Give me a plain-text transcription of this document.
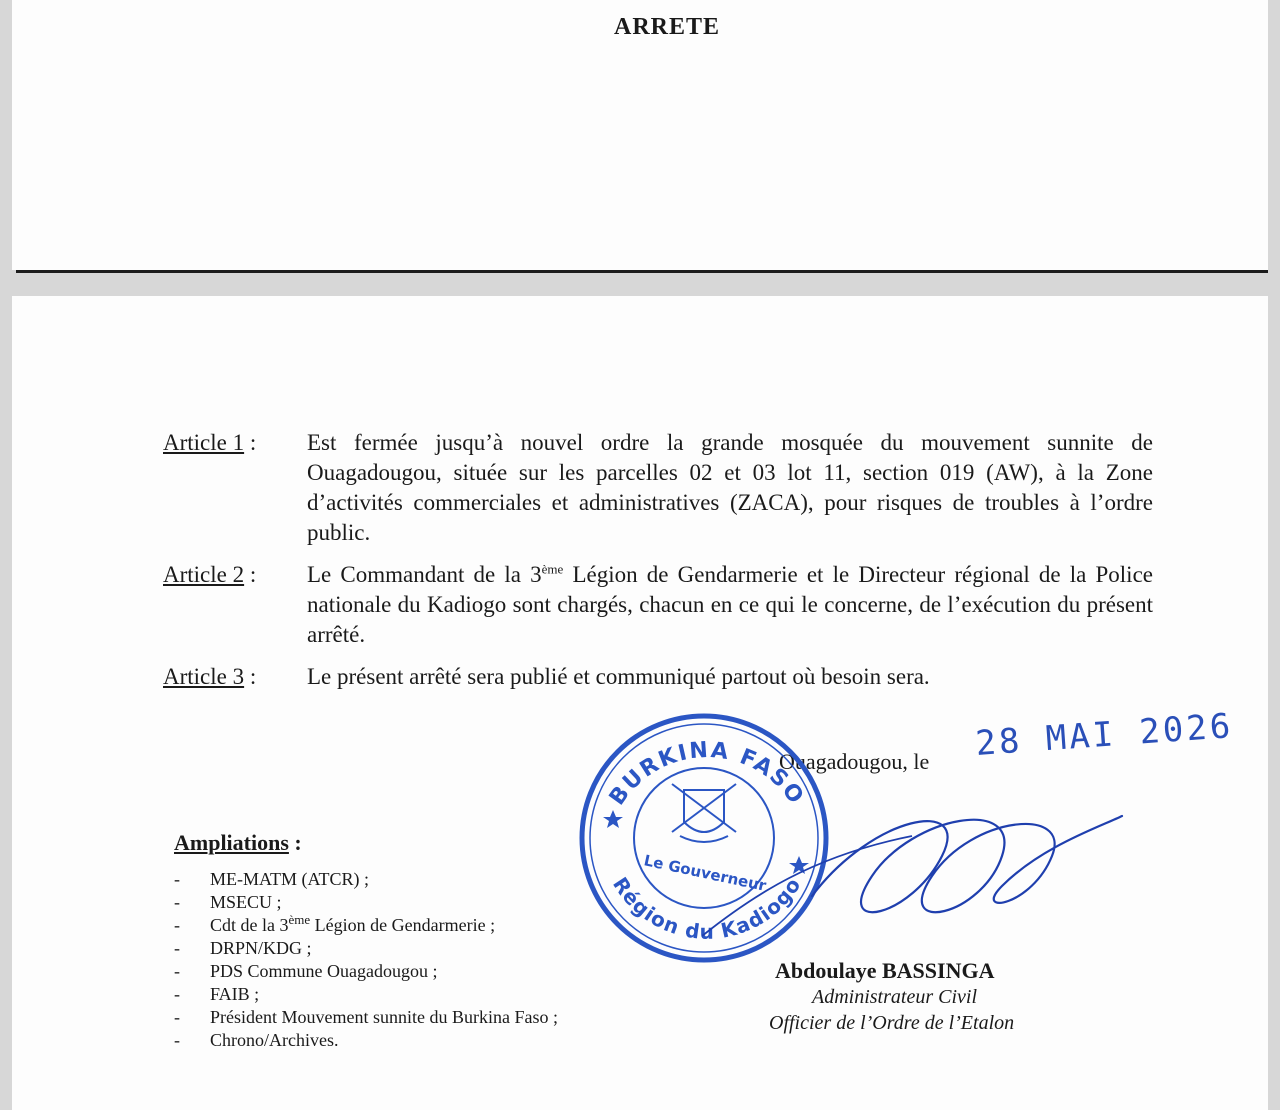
ARRETE
Article 1 :	Est fermée jusqu’à nouvel ordre la grande mosquée du mouvement sunnite de Ouagadougou, située sur les parcelles 02 et 03 lot 11, section 019 (AW), à la Zone d’activités commerciales et administratives (ZACA), pour risques de troubles à l’ordre public.
Article 2 :	Le Commandant de la 3ème Légion de Gendarmerie et le Directeur régional de la Police nationale du Kadiogo sont chargés, chacun en ce qui le concerne, de l’exécution du présent arrêté.
Article 3 :	Le présent arrêté sera publié et communiqué partout où besoin sera.
Ouagadougou, le 28 MAI 2026
Ampliations :
- ME-MATM (ATCR) ;
- MSECU ;
- Cdt de la 3ème Légion de Gendarmerie ;
- DRPN/KDG ;
- PDS Commune Ouagadougou ;
- FAIB ;
- Président Mouvement sunnite du Burkina Faso ;
- Chrono/Archives.
Abdoulaye BASSINGA
Administrateur Civil
Officier de l’Ordre de l’Etalon
BURKINA FASO
Région du Kadiogo
Le Gouverneur
